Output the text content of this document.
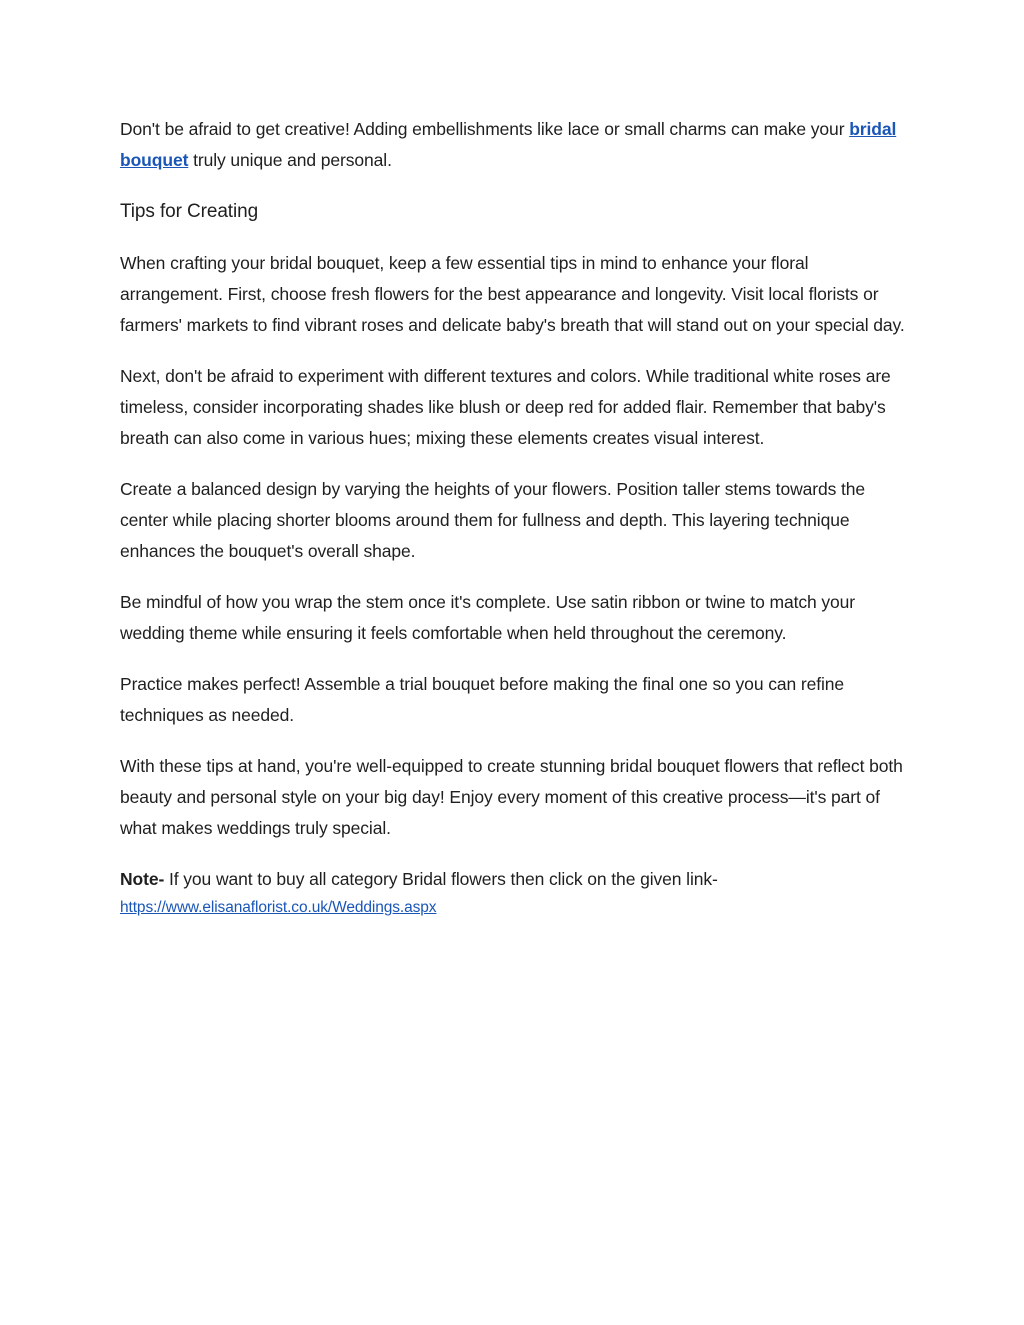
Don't be afraid to get creative! Adding embellishments like lace or small charms can make your bridal bouquet truly unique and personal.

Tips for Creating

When crafting your bridal bouquet, keep a few essential tips in mind to enhance your floral arrangement. First, choose fresh flowers for the best appearance and longevity. Visit local florists or farmers' markets to find vibrant roses and delicate baby's breath that will stand out on your special day.

Next, don't be afraid to experiment with different textures and colors. While traditional white roses are timeless, consider incorporating shades like blush or deep red for added flair. Remember that baby's breath can also come in various hues; mixing these elements creates visual interest.

Create a balanced design by varying the heights of your flowers. Position taller stems towards the center while placing shorter blooms around them for fullness and depth. This layering technique enhances the bouquet's overall shape.

Be mindful of how you wrap the stem once it's complete. Use satin ribbon or twine to match your wedding theme while ensuring it feels comfortable when held throughout the ceremony.

Practice makes perfect! Assemble a trial bouquet before making the final one so you can refine techniques as needed.

With these tips at hand, you're well-equipped to create stunning bridal bouquet flowers that reflect both beauty and personal style on your big day! Enjoy every moment of this creative process—it's part of what makes weddings truly special.

Note- If you want to buy all category Bridal flowers then click on the given link-
https://www.elisanaflorist.co.uk/Weddings.aspx
